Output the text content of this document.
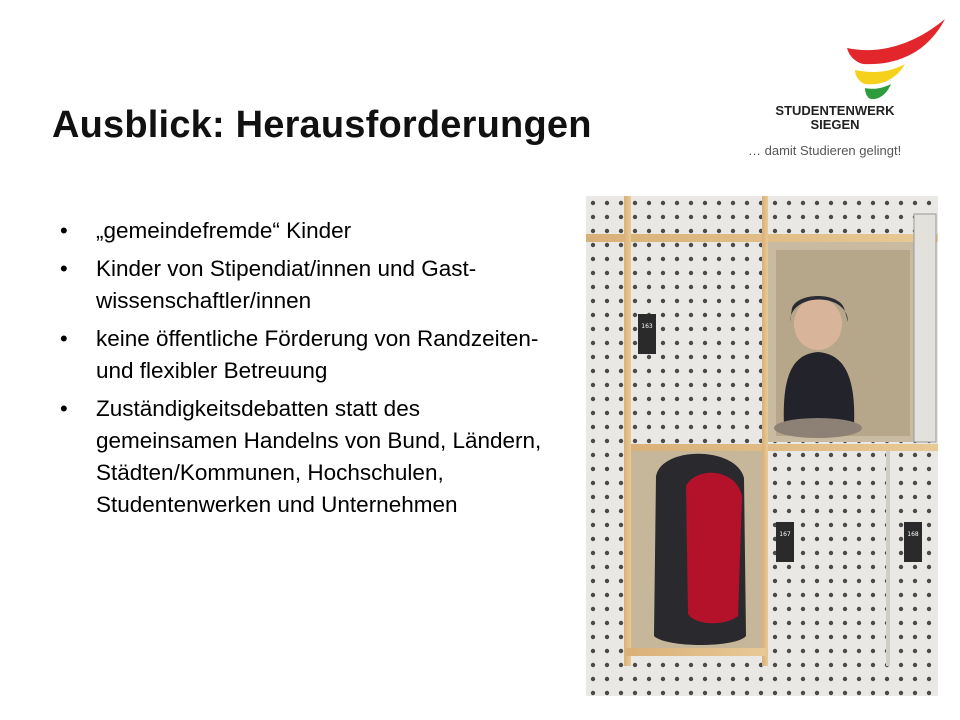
Ausblick: Herausforderungen	STUDENTENWERK
SIEGEN
… damit Studieren gelingt!
• „gemeindefremde“ Kinder
• Kinder von Stipendiat/innen und Gast-wissenschaftler/innen
• keine öffentliche Förderung von Randzeiten- und flexibler Betreuung
• Zuständigkeitsdebatten statt des gemeinsamen Handelns von Bund, Ländern, Städten/Kommunen, Hochschulen, Studentenwerken und Unternehmen
163
167	168
